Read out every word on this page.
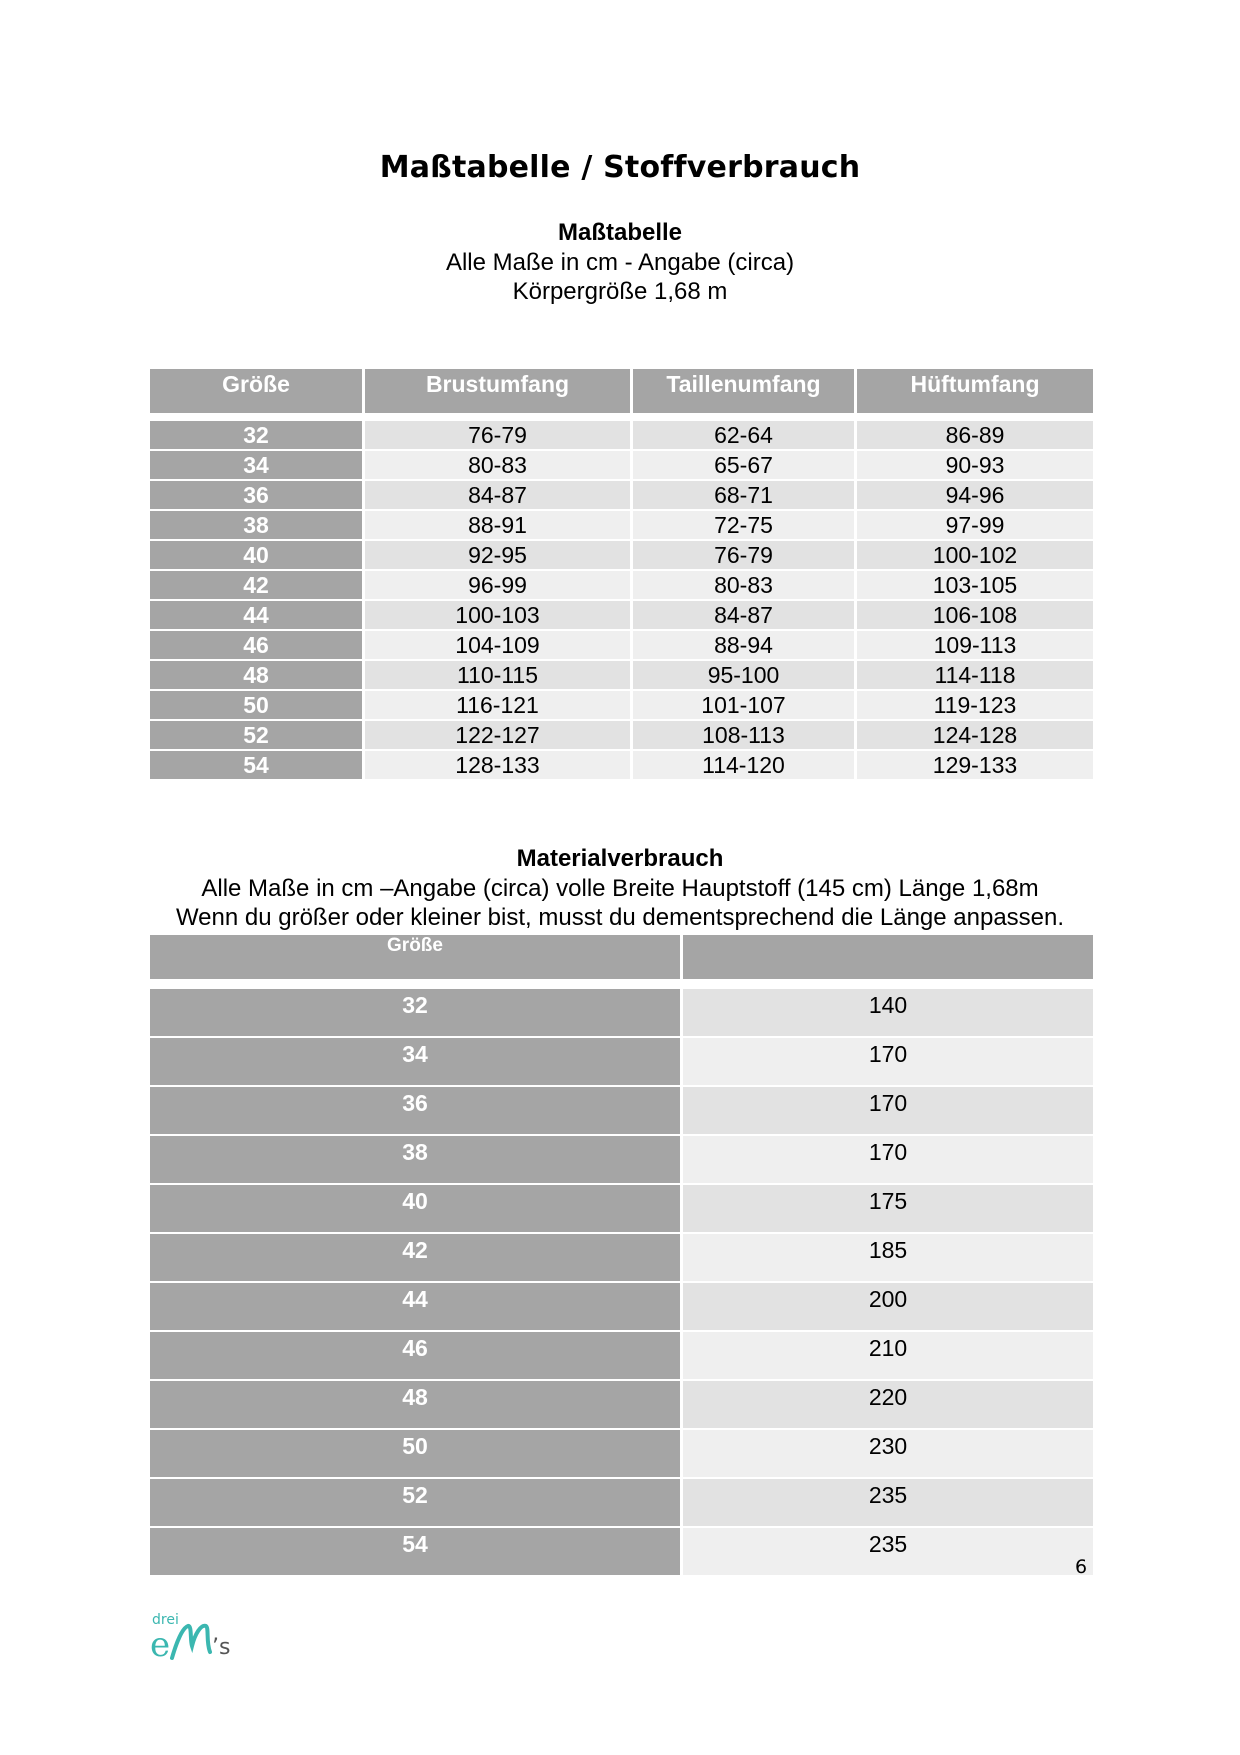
Maßtabelle / Stoffverbrauch
Maßtabelle
Alle Maße in cm - Angabe (circa)
Körpergröße 1,68 m
Größe	Brustumfang	Taillenumfang	Hüftumfang

32	76-79	62-64	86-89
34	80-83	65-67	90-93
36	84-87	68-71	94-96
38	88-91	72-75	97-99
40	92-95	76-79	100-102
42	96-99	80-83	103-105
44	100-103	84-87	106-108
46	104-109	88-94	109-113
48	110-115	95-100	114-118
50	116-121	101-107	119-123
52	122-127	108-113	124-128
54	128-133	114-120	129-133
Materialverbrauch
Alle Maße in cm –Angabe (circa) volle Breite Hauptstoff (145 cm) Länge 1,68m
Wenn du größer oder kleiner bist, musst du dementsprechend die Länge anpassen.
Größe	

32	140
34	170
36	170
38	170
40	175
42	185
44	200
46	210
48	220
50	230
52	235
54	235
6
drei
e ’s
